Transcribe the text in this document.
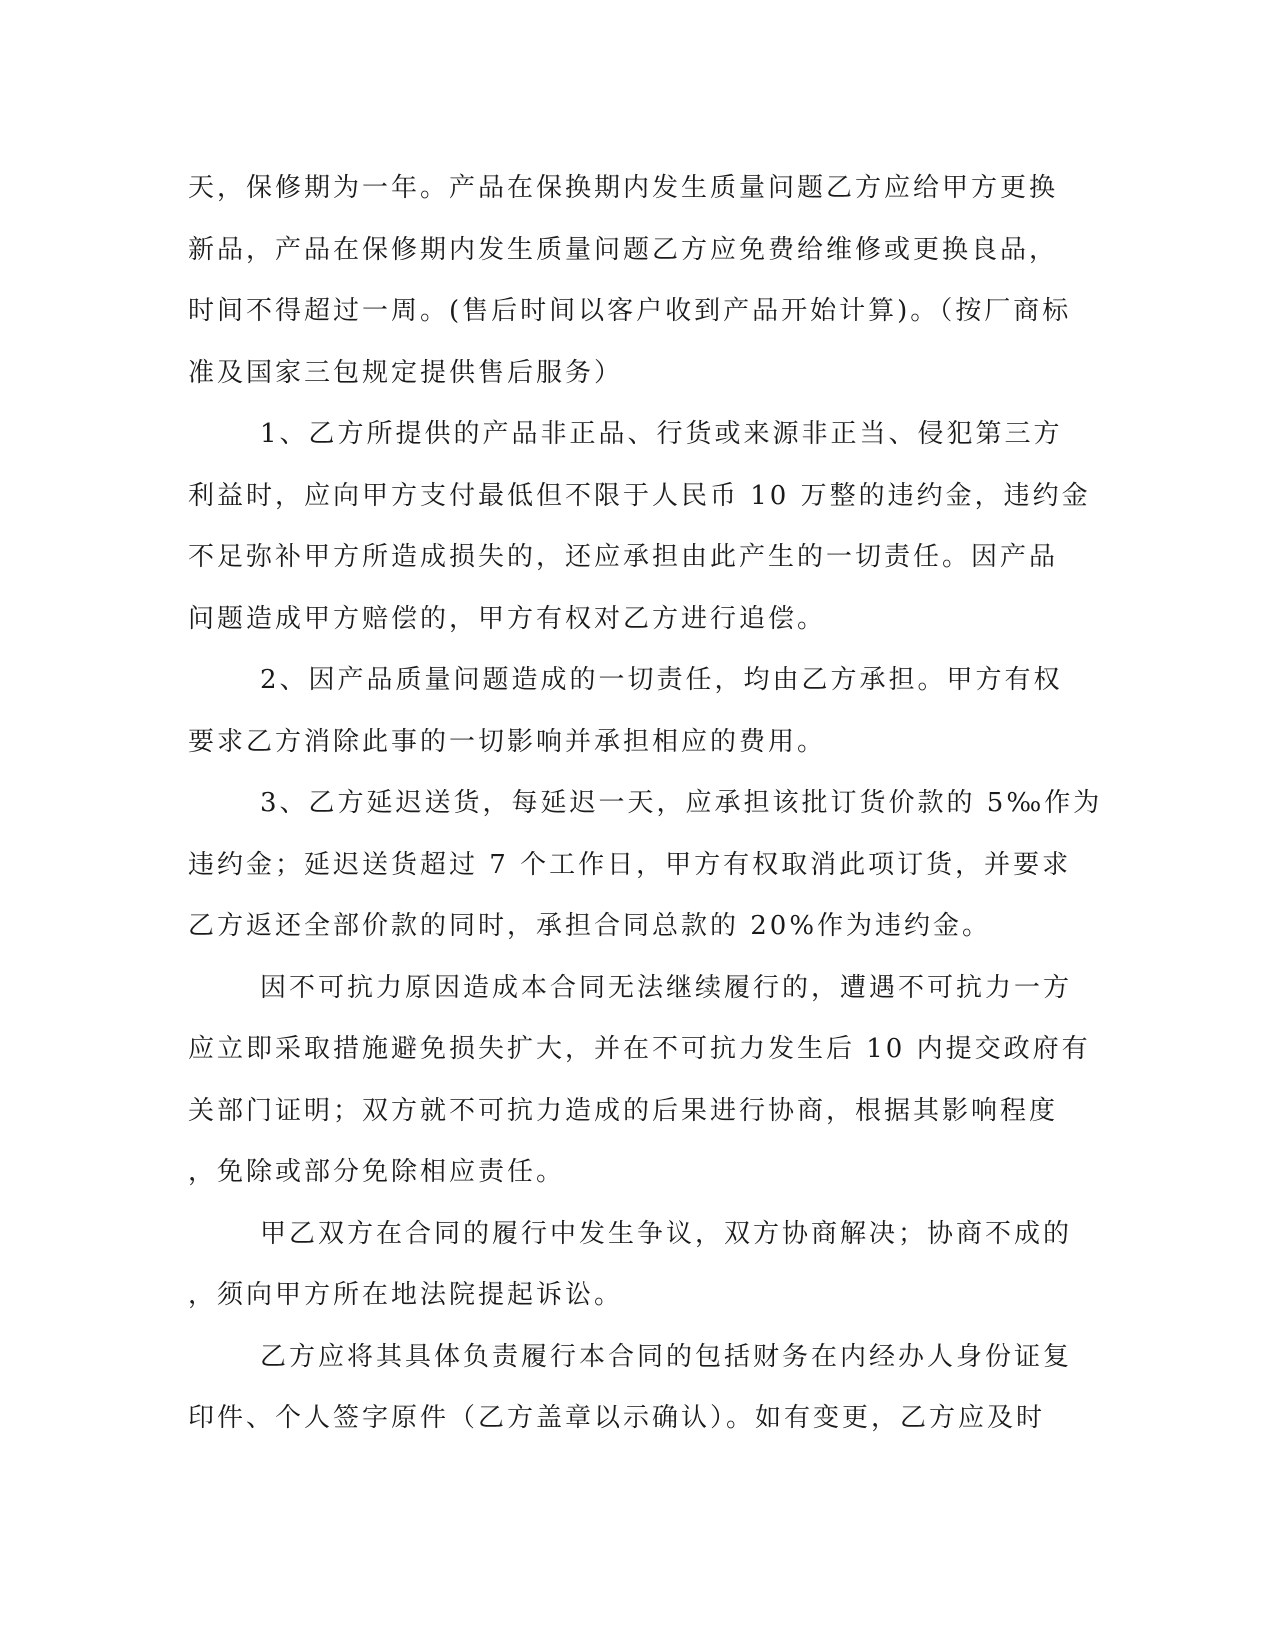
天，保修期为一年。产品在保换期内发生质量问题乙方应给甲方更换
新品，产品在保修期内发生质量问题乙方应免费给维修或更换良品，
时间不得超过一周。(售后时间以客户收到产品开始计算)。（按厂商标
准及国家三包规定提供售后服务）
1、乙方所提供的产品非正品、行货或来源非正当、侵犯第三方
利益时，应向甲方支付最低但不限于人民币 10 万整的违约金，违约金
不足弥补甲方所造成损失的，还应承担由此产生的一切责任。因产品
问题造成甲方赔偿的，甲方有权对乙方进行追偿。
2、因产品质量问题造成的一切责任，均由乙方承担。甲方有权
要求乙方消除此事的一切影响并承担相应的费用。
3、乙方延迟送货，每延迟一天，应承担该批订货价款的 5‰作为
违约金；延迟送货超过 7 个工作日，甲方有权取消此项订货，并要求
乙方返还全部价款的同时，承担合同总款的 20%作为违约金。
因不可抗力原因造成本合同无法继续履行的，遭遇不可抗力一方
应立即采取措施避免损失扩大，并在不可抗力发生后 10 内提交政府有
关部门证明；双方就不可抗力造成的后果进行协商，根据其影响程度
，免除或部分免除相应责任。
甲乙双方在合同的履行中发生争议，双方协商解决；协商不成的
，须向甲方所在地法院提起诉讼。
乙方应将其具体负责履行本合同的包括财务在内经办人身份证复
印件、个人签字原件（乙方盖章以示确认）。如有变更，乙方应及时
